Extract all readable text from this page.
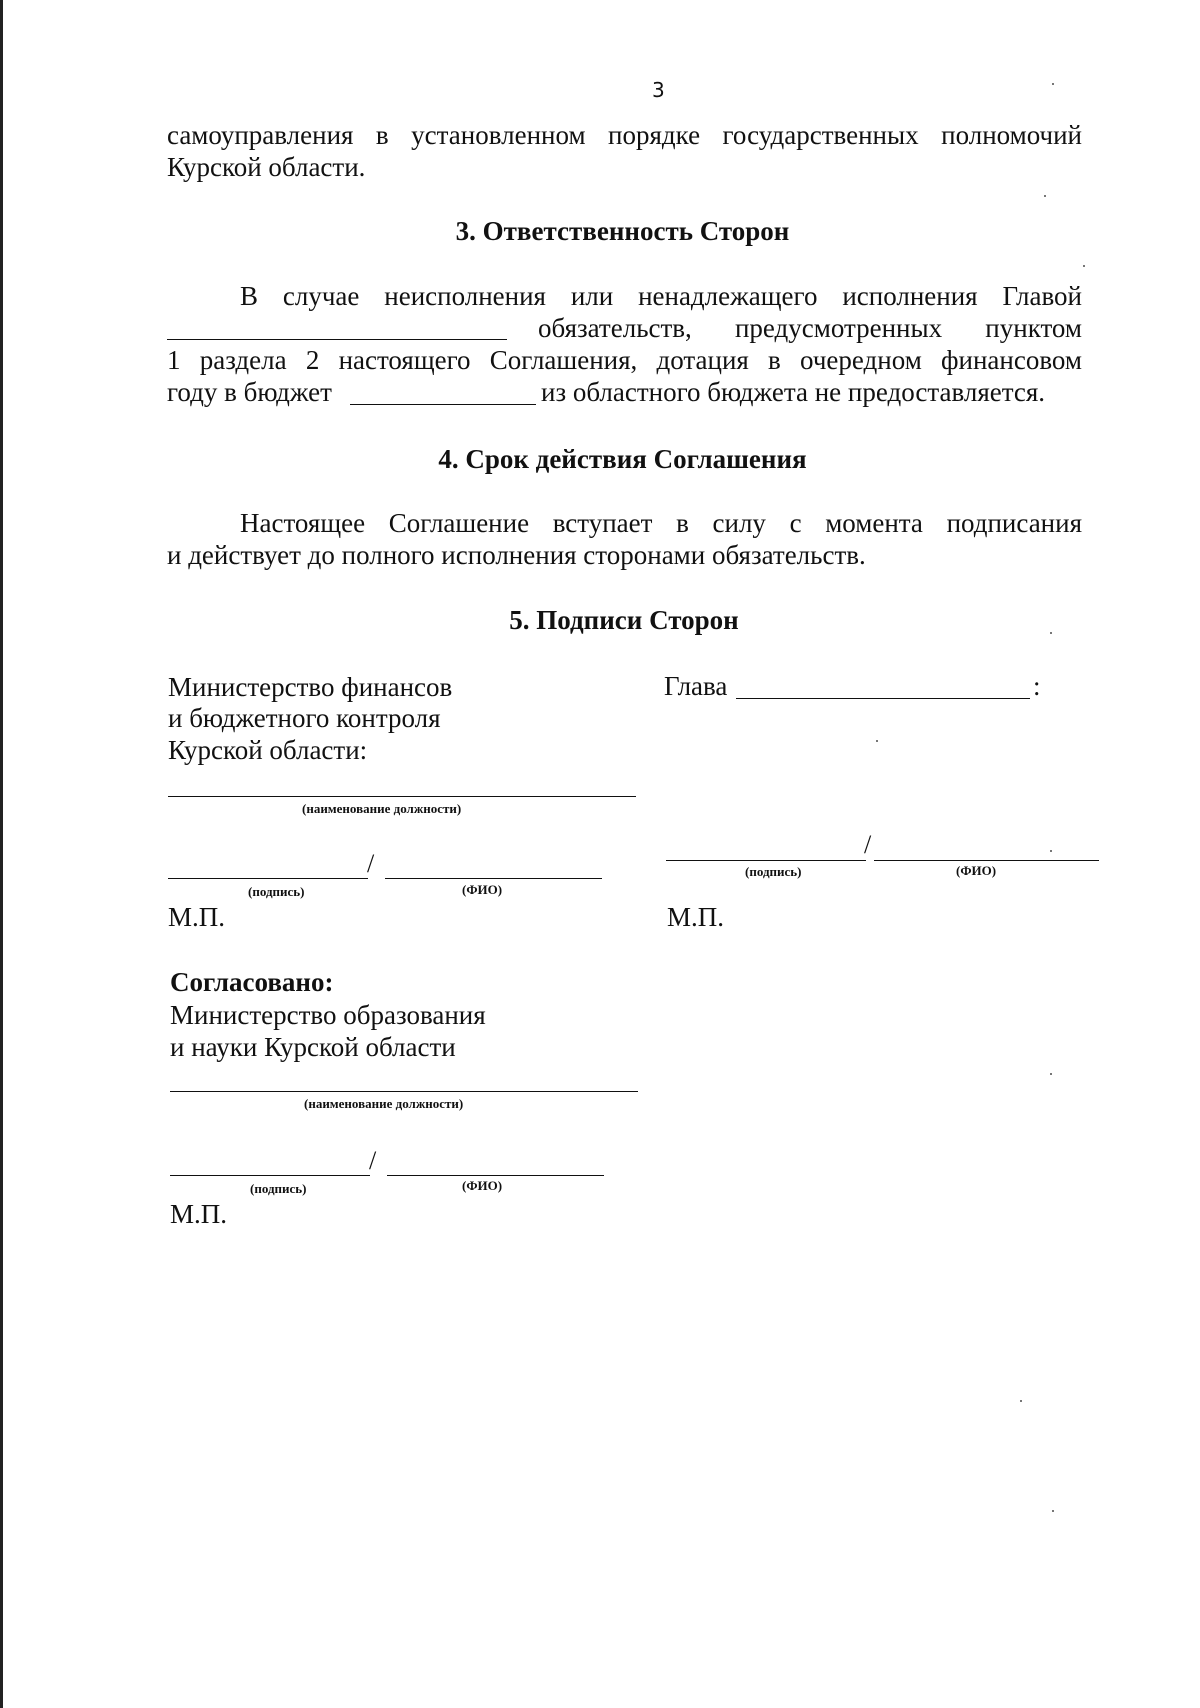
3
самоуправления в установленном порядке государственных полномочий
Курской области.
3. Ответственность Сторон
В случае неисполнения или ненадлежащего исполнения Главой
обязательств, предусмотренных пунктом
1 раздела 2 настоящего Соглашения, дотация в очередном финансовом
году в бюджет	из областного бюджета не предоставляется.
4. Срок действия Соглашения
Настоящее Соглашение вступает в силу с момента подписания
и действует до полного исполнения сторонами обязательств.
5. Подписи Сторон
Министерство финансов
и бюджетного контроля
Курской области:
(наименование должности)
/
(подпись)	(ФИО)
М.П.
Глава	:
/
(подпись)	(ФИО)
М.П.
Согласовано:
Министерство образования
и науки Курской области
(наименование должности)
/
(подпись)	(ФИО)
М.П.
